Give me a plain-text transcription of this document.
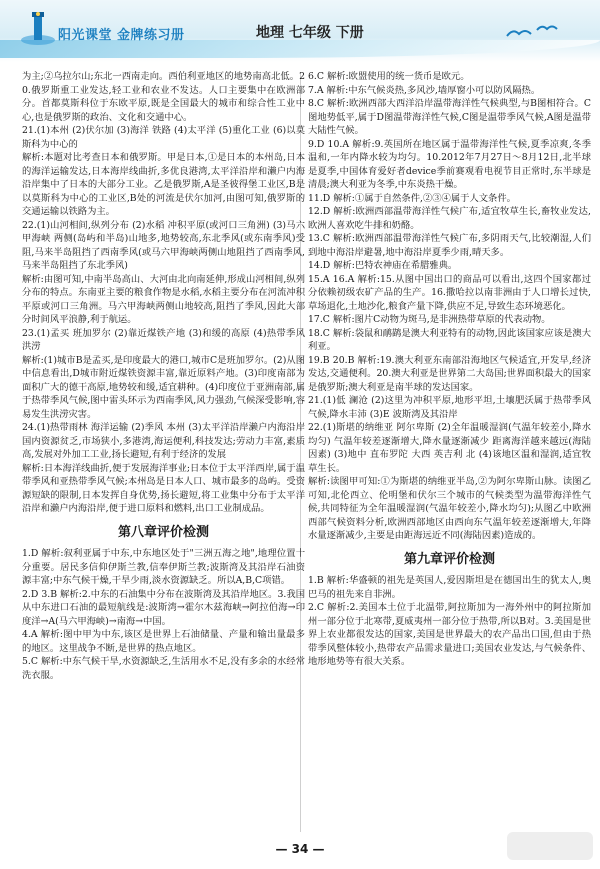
阳光课堂 金牌练习册	地理 七年级 下册

为主;②乌拉尔山;东北一西南走向。西伯利亚地区的地势南高北低。20.俄罗斯重工业发达,轻工业和农业不发达。人口主要集中在欧洲部分。首都莫斯科位于东欧平原,既是全国最大的城市和综合性工业中心,也是俄罗斯的政治、文化和交通中心。

21.(1)本州 (2)伏尔加 (3)海洋 铁路 (4)太平洋 (5)重化工业 (6)以莫斯科为中心的

解析:本题对比考查日本和俄罗斯。甲是日本,①是日本的本州岛,日本的海洋运输发达,日本海岸线曲折,多优良港湾,太平洋沿岸和濑户内海沿岸集中了日本的大部分工业。乙是俄罗斯,A是圣彼得堡工业区,B是以莫斯科为中心的工业区,B处的河流是伏尔加河,由图可知,俄罗斯的交通运输以铁路为主。

22.(1)山河相间,纵列分布 (2)水稻 冲积平原(或河口三角洲) (3)马六甲海峡 两侧(岛屿和半岛)山地多,地势较高,东北季风(或东南季风)受阻,马来半岛阻挡了西南季风(或马六甲海峡两侧山地阻挡了西南季风,马来半岛阻挡了东北季风)

解析:由图可知,中南半岛高山、大河由北向南延伸,形成山河相间,纵列分布的特点。东南亚主要的粮食作物是水稻,水稻主要分布在河流冲积平原或河口三角洲。马六甲海峡两侧山地较高,阻挡了季风,因此大部分时间风平浪静,利于航运。

23.(1)孟买 班加罗尔 (2)靠近煤铁产地 (3)和缓的高原 (4)热带季风 洪涝

解析:(1)城市B是孟买,是印度最大的港口,城市C是班加罗尔。(2)从图中信息看出,D城市附近煤铁资源丰富,靠近原料产地。(3)印度南部为面积广大的德干高原,地势较和缓,适宜耕种。(4)印度位于亚洲南部,属于热带季风气候,图中雷头环示为西南季风,风力强劲,气候深受影响,容易发生洪涝灾害。

24.(1)热带雨林 海洋运输 (2)季风 本州 (3)太平洋沿岸濑户内海沿岸 国内资源贫乏,市场狭小,多港湾,海运便利,科技发达;劳动力丰富,素质高,发展对外加工工业,扬长避短,有利于经济的发展

解析:日本海洋线曲折,便于发展海洋事业;日本位于太平洋西岸,属于温带季风和亚热带季风气候;本州岛是日本人口、城市最多的岛屿。受资源短缺的限制,日本发挥自身优势,扬长避短,将工业集中分布于太平洋沿岸和濑户内海沿岸,便于进口原料和燃料,出口工业制成品。

第八章评价检测

1.D 解析:叙利亚属于中东,中东地区处于"三洲五海之地",地理位置十分重要。居民多信仰伊斯兰教,信奉伊斯兰教;波斯湾及其沿岸石油资源丰富;中东气候干燥,干旱少雨,淡水资源缺乏。所以A,B,C项错。

2.D 3.B 解析:2.中东的石油集中分布在波斯湾及其沿岸地区。3.我国从中东进口石油的最短航线是:波斯湾→霍尔木兹海峡→阿拉伯海→印度洋→A(马六甲海峡)→南海→中国。

4.A 解析:图中甲为中东,该区是世界上石油储量、产量和输出量最多的地区。这里战争不断,是世界的热点地区。

5.C 解析:中东气候干旱,水资源缺乏,生活用水不足,没有多余的水经常洗衣服。

6.C 解析:欧盟使用的统一货币是欧元。

7.A 解析:中东气候炎热,多风沙,墙厚窗小可以防风隔热。

8.C 解析:欧洲西部大西洋沿岸温带海洋性气候典型,与B图相符合。C图地势低平,属于D图温带海洋性气候,C图是温带季风气候,A图是温带大陆性气候。

9.D 10.A 解析:9.英国所在地区属于温带海洋性气候,夏季凉爽,冬季温和,一年内降水较为均匀。10.2012年7月27日～8月12日,北半球是夏季,中国体育爱好者device季前赛观看电视节目正常时,东半球是清晨;澳大利亚为冬季,中东炎热干燥。

11.D 解析:①属于自然条件,②③④属于人文条件。

12.D 解析:欧洲西部温带海洋性气候广布,适宜牧草生长,畜牧业发达,欧洲人喜欢吃牛排和奶酪。

13.C 解析:欧洲西部温带海洋性气候广布,多阴雨天气,比较潮湿,人们到地中海沿岸避暑,地中海沿岸夏季少雨,晴天多。

14.D 解析:巴特农神庙在希腊雅典。

15.A 16.A 解析:15.从图中国出口的商品可以看出,这四个国家都过分依赖初级农矿产品的生产。16.撒哈拉以南非洲由于人口增长过快,草场退化,土地沙化,粮食产量下降,供应不足,导致生态环境恶化。

17.C 解析:图片C动物为斑马,是非洲热带草原的代表动物。

18.C 解析:袋鼠和鸸鹋是澳大利亚特有的动物,因此该国家应该是澳大利亚。

19.B 20.B 解析:19.澳大利亚东南部沿海地区气候适宜,开发早,经济发达,交通便利。20.澳大利亚是世界第二大岛国;世界面积最大的国家是俄罗斯;澳大利亚是南半球的发达国家。

21.(1)低 澜沧 (2)这里为冲积平原,地形平坦,土壤肥沃属于热带季风气候,降水丰沛 (3)E 波斯湾及其沿岸

22.(1)斯堪的纳维亚 阿尔卑斯 (2)全年温暖湿润(气温年较差小,降水均匀) 气温年较差逐渐增大,降水量逐渐减少 距离海洋越来越远(海陆因素) (3)地中 直布罗陀 大西 英吉利 北 (4)该地区温和湿润,适宜牧草生长。

解析:读图甲可知:①为斯堪的纳维亚半岛,②为阿尔卑斯山脉。读图乙可知,北伦西立、伦明堡和伏尔三个城市的气候类型为温带海洋性气候,共同特征为全年温暖湿润(气温年较差小,降水均匀);从图乙中欧洲西部气候资料分析,欧洲西部地区由西向东气温年较差逐渐增大,年降水量逐渐减少,主要是由距海远近不同(海陆因素)造成的。

第九章评价检测

1.B 解析:华盛顿的祖先是英国人,爱因斯坦是在德国出生的犹太人,奥巴马的祖先来自非洲。

2.C 解析:2.美国本土位于北温带,阿拉斯加为一海外州中的阿拉斯加州一部分位于北寒带,夏威夷州一部分位于热带,所以B对。3.美国是世界上农业都很发达的国家,美国是世界最大的农产品出口国,但由于热带季风整体较小,热带农产品需求量进口;美国农业发达,与气候条件、地形地势等有很大关系。

— 34 —
